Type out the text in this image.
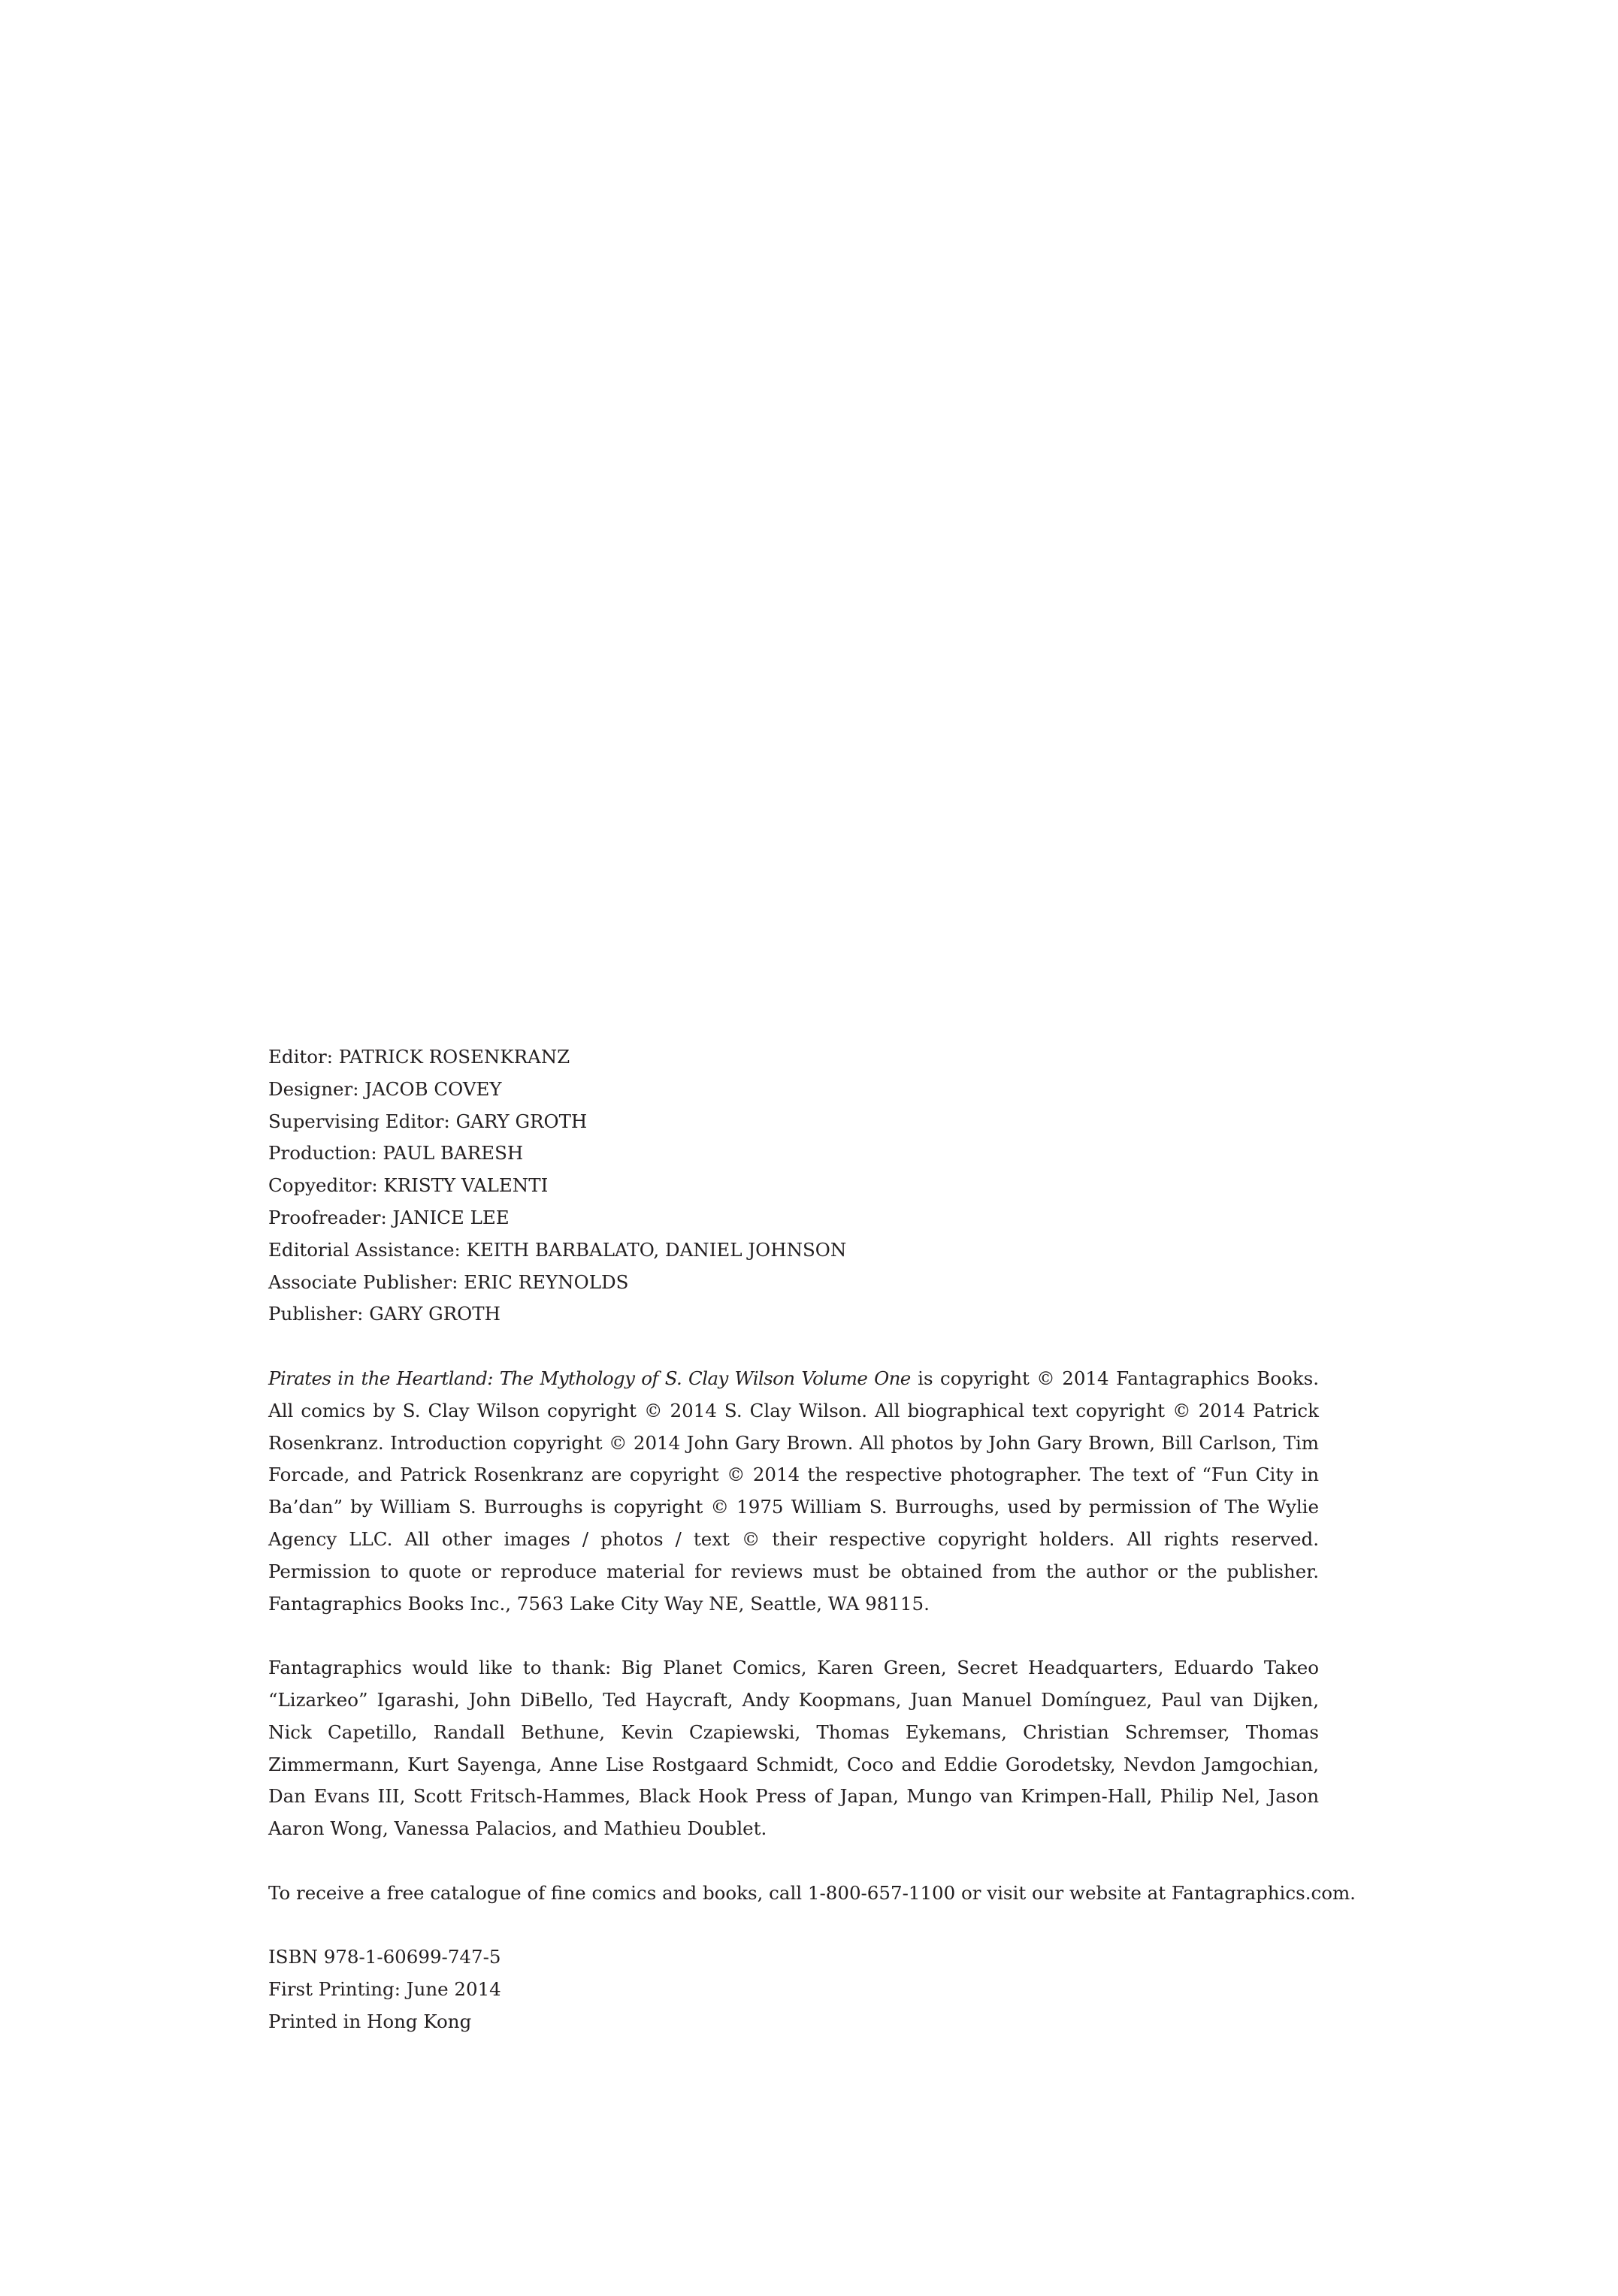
Editor: PATRICK ROSENKRANZ
Designer: JACOB COVEY
Supervising Editor: GARY GROTH
Production: PAUL BARESH
Copyeditor: KRISTY VALENTI
Proofreader: JANICE LEE
Editorial Assistance: KEITH BARBALATO, DANIEL JOHNSON
Associate Publisher: ERIC REYNOLDS
Publisher: GARY GROTH

Pirates in the Heartland: The Mythology of S. Clay Wilson Volume One is copyright © 2014 Fantagraphics Books. All comics by S. Clay Wilson copyright © 2014 S. Clay Wilson. All biographical text copyright © 2014 Patrick Rosenkranz. Introduction copyright © 2014 John Gary Brown. All photos by John Gary Brown, Bill Carlson, Tim Forcade, and Patrick Rosenkranz are copyright © 2014 the respective photographer. The text of “Fun City in Ba’dan” by William S. Burroughs is copyright © 1975 William S. Burroughs, used by permission of The Wylie Agency LLC. All other images / photos / text © their respective copyright holders. All rights reserved. Permission to quote or reproduce material for reviews must be obtained from the author or the publisher. Fantagraphics Books Inc., 7563 Lake City Way NE, Seattle, WA 98115.

Fantagraphics would like to thank: Big Planet Comics, Karen Green, Secret Headquarters, Eduardo Takeo “Lizarkeo” Igarashi, John DiBello, Ted Haycraft, Andy Koopmans, Juan Manuel Domínguez, Paul van Dijken, Nick Capetillo, Randall Bethune, Kevin Czapiewski, Thomas Eykemans, Christian Schremser, Thomas Zimmermann, Kurt Sayenga, Anne Lise Rostgaard Schmidt, Coco and Eddie Gorodetsky, Nevdon Jamgochian, Dan Evans III, Scott Fritsch-Hammes, Black Hook Press of Japan, Mungo van Krimpen-Hall, Philip Nel, Jason Aaron Wong, Vanessa Palacios, and Mathieu Doublet.

To receive a free catalogue of fine comics and books, call 1-800-657-1100 or visit our website at Fantagraphics.com.

ISBN 978-1-60699-747-5
First Printing: June 2014
Printed in Hong Kong
